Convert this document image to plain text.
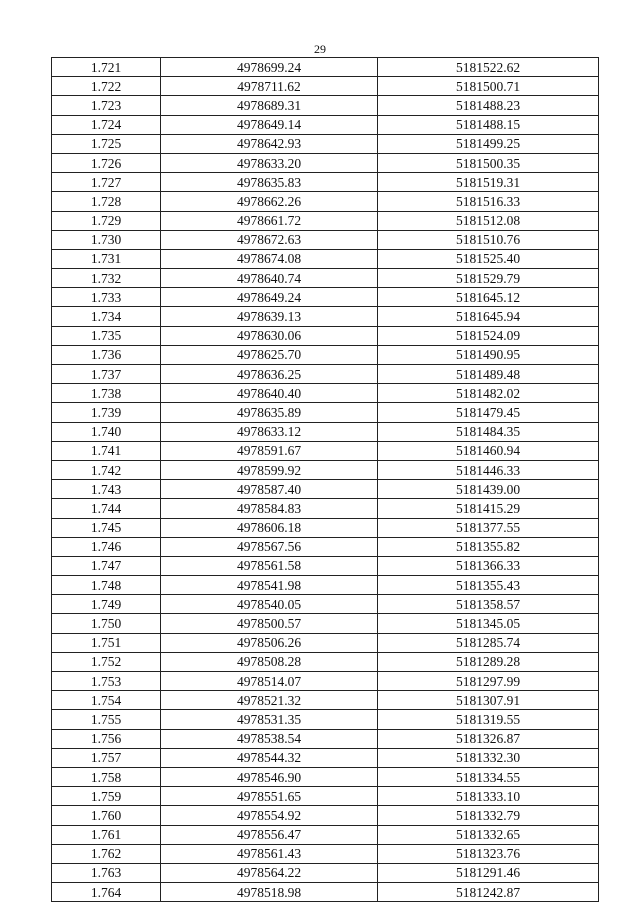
29
1.721	4978699.24	5181522.62
1.722	4978711.62	5181500.71
1.723	4978689.31	5181488.23
1.724	4978649.14	5181488.15
1.725	4978642.93	5181499.25
1.726	4978633.20	5181500.35
1.727	4978635.83	5181519.31
1.728	4978662.26	5181516.33
1.729	4978661.72	5181512.08
1.730	4978672.63	5181510.76
1.731	4978674.08	5181525.40
1.732	4978640.74	5181529.79
1.733	4978649.24	5181645.12
1.734	4978639.13	5181645.94
1.735	4978630.06	5181524.09
1.736	4978625.70	5181490.95
1.737	4978636.25	5181489.48
1.738	4978640.40	5181482.02
1.739	4978635.89	5181479.45
1.740	4978633.12	5181484.35
1.741	4978591.67	5181460.94
1.742	4978599.92	5181446.33
1.743	4978587.40	5181439.00
1.744	4978584.83	5181415.29
1.745	4978606.18	5181377.55
1.746	4978567.56	5181355.82
1.747	4978561.58	5181366.33
1.748	4978541.98	5181355.43
1.749	4978540.05	5181358.57
1.750	4978500.57	5181345.05
1.751	4978506.26	5181285.74
1.752	4978508.28	5181289.28
1.753	4978514.07	5181297.99
1.754	4978521.32	5181307.91
1.755	4978531.35	5181319.55
1.756	4978538.54	5181326.87
1.757	4978544.32	5181332.30
1.758	4978546.90	5181334.55
1.759	4978551.65	5181333.10
1.760	4978554.92	5181332.79
1.761	4978556.47	5181332.65
1.762	4978561.43	5181323.76
1.763	4978564.22	5181291.46
1.764	4978518.98	5181242.87
